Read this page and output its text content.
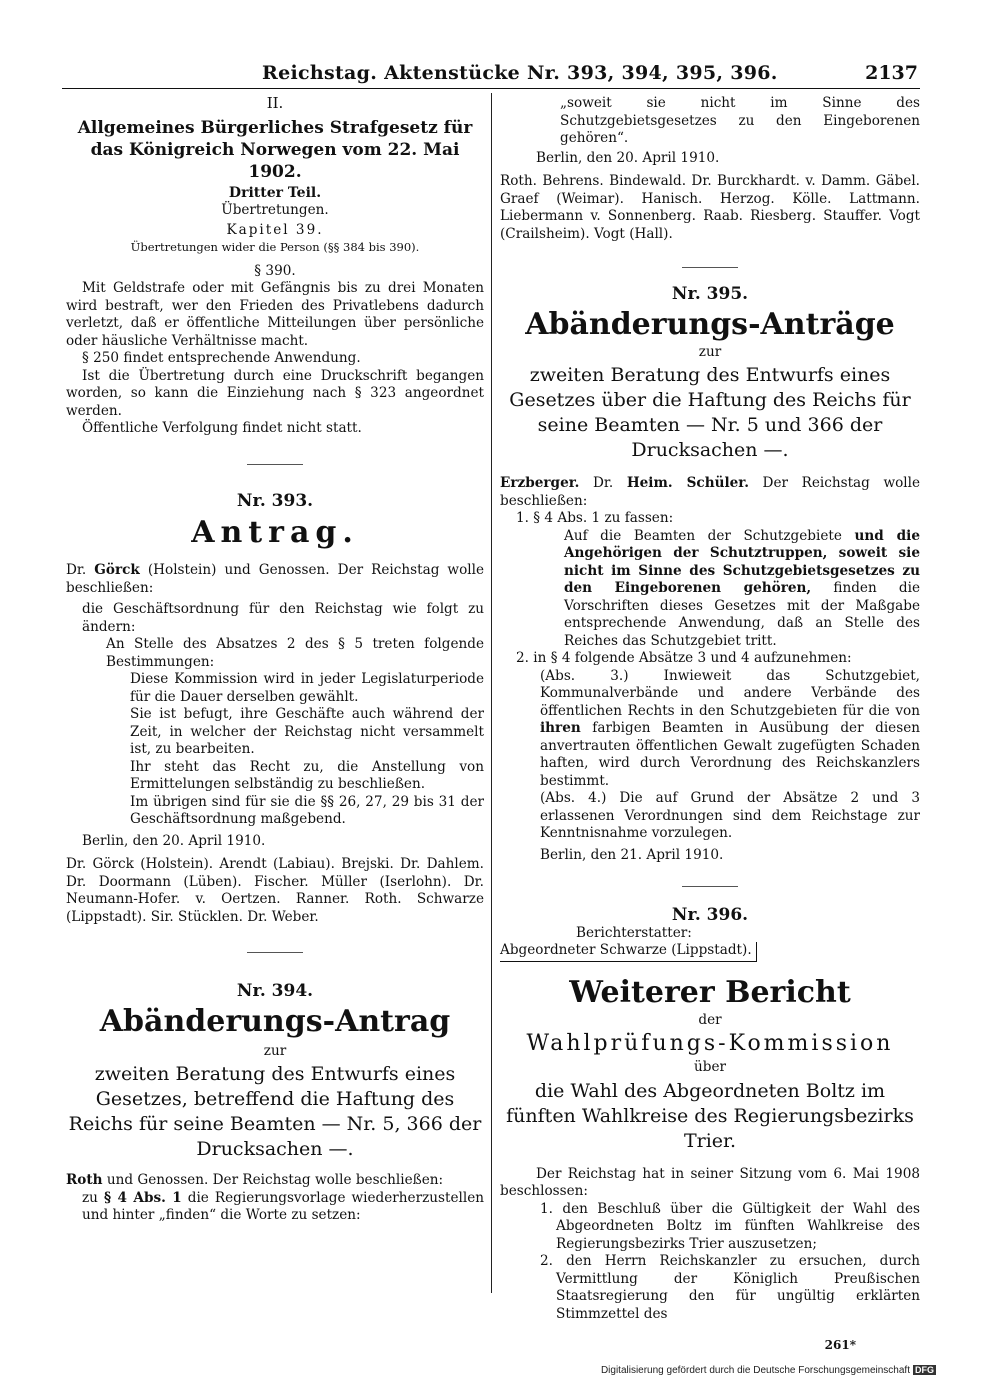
Reichstag. Aktenstücke Nr. 393, 394, 395, 396.	2137

II.

Allgemeines Bürgerliches Strafgesetz für das Königreich Norwegen vom 22. Mai 1902.

Dritter Teil.

Übertretungen.

Kapitel 39.

Übertretungen wider die Person (§§ 384 bis 390).

§ 390.

Mit Geldstrafe oder mit Gefängnis bis zu drei Monaten wird bestraft, wer den Frieden des Privatlebens dadurch verletzt, daß er öffentliche Mitteilungen über persönliche oder häusliche Verhältnisse macht.

§ 250 findet entsprechende Anwendung.

Ist die Übertretung durch eine Druckschrift begangen worden, so kann die Einziehung nach § 323 angeordnet werden.

Öffentliche Verfolgung findet nicht statt.

Nr. 393.

Antrag.

Dr. Görck (Holstein) und Genossen. Der Reichstag wolle beschließen:

die Geschäftsordnung für den Reichstag wie folgt zu ändern:

An Stelle des Absatzes 2 des § 5 treten folgende Bestimmungen:

Diese Kommission wird in jeder Legislaturperiode für die Dauer derselben gewählt.

Sie ist befugt, ihre Geschäfte auch während der Zeit, in welcher der Reichstag nicht versammelt ist, zu bearbeiten.

Ihr steht das Recht zu, die Anstellung von Ermittelungen selbständig zu beschließen.

Im übrigen sind für sie die §§ 26, 27, 29 bis 31 der Geschäftsordnung maßgebend.

Berlin, den 20. April 1910.

Dr. Görck (Holstein). Arendt (Labiau). Brejski. Dr. Dahlem. Dr. Doormann (Lüben). Fischer. Müller (Iserlohn). Dr. Neumann-Hofer. v. Oertzen. Ranner. Roth. Schwarze (Lippstadt). Sir. Stücklen. Dr. Weber.

Nr. 394.

Abänderungs-Antrag

zur

zweiten Beratung des Entwurfs eines Gesetzes, betreffend die Haftung des Reichs für seine Beamten — Nr. 5, 366 der Drucksachen —.

Roth und Genossen. Der Reichstag wolle beschließen:

zu § 4 Abs. 1 die Regierungsvorlage wiederherzustellen und hinter „finden“ die Worte zu setzen:

„soweit sie nicht im Sinne des Schutzgebietsgesetzes zu den Eingeborenen gehören“.

Berlin, den 20. April 1910.

Roth. Behrens. Bindewald. Dr. Burckhardt. v. Damm. Gäbel. Graef (Weimar). Hanisch. Herzog. Kölle. Lattmann. Liebermann v. Sonnenberg. Raab. Riesberg. Stauffer. Vogt (Crailsheim). Vogt (Hall).

Nr. 395.

Abänderungs-Anträge

zur

zweiten Beratung des Entwurfs eines Gesetzes über die Haftung des Reichs für seine Beamten — Nr. 5 und 366 der Drucksachen —.

Erzberger. Dr. Heim. Schüler. Der Reichstag wolle beschließen:

1. § 4 Abs. 1 zu fassen:

Auf die Beamten der Schutzgebiete und die Angehörigen der Schutztruppen, soweit sie nicht im Sinne des Schutzgebietsgesetzes zu den Eingeborenen gehören, finden die Vorschriften dieses Gesetzes mit der Maßgabe entsprechende Anwendung, daß an Stelle des Reiches das Schutzgebiet tritt.

2. in § 4 folgende Absätze 3 und 4 aufzunehmen:

(Abs. 3.) Inwieweit das Schutzgebiet, Kommunalverbände und andere Verbände des öffentlichen Rechts in den Schutzgebieten für die von ihren farbigen Beamten in Ausübung der diesen anvertrauten öffentlichen Gewalt zugefügten Schaden haften, wird durch Verordnung des Reichskanzlers bestimmt.

(Abs. 4.) Die auf Grund der Absätze 2 und 3 erlassenen Verordnungen sind dem Reichstage zur Kenntnisnahme vorzulegen.

Berlin, den 21. April 1910.

Nr. 396.

Berichterstatter:

Abgeordneter Schwarze (Lippstadt).

Weiterer Bericht

der

Wahlprüfungs-Kommission

über

die Wahl des Abgeordneten Boltz im fünften Wahlkreise des Regierungsbezirks Trier.

Der Reichstag hat in seiner Sitzung vom 6. Mai 1908 beschlossen:

1. den Beschluß über die Gültigkeit der Wahl des Abgeordneten Boltz im fünften Wahlkreise des Regierungsbezirks Trier auszusetzen;

2. den Herrn Reichskanzler zu ersuchen, durch Vermittlung der Königlich Preußischen Staatsregierung den für ungültig erklärten Stimmzettel des

261*
Digitalisierung gefördert durch die Deutsche Forschungsgemeinschaft DFG
